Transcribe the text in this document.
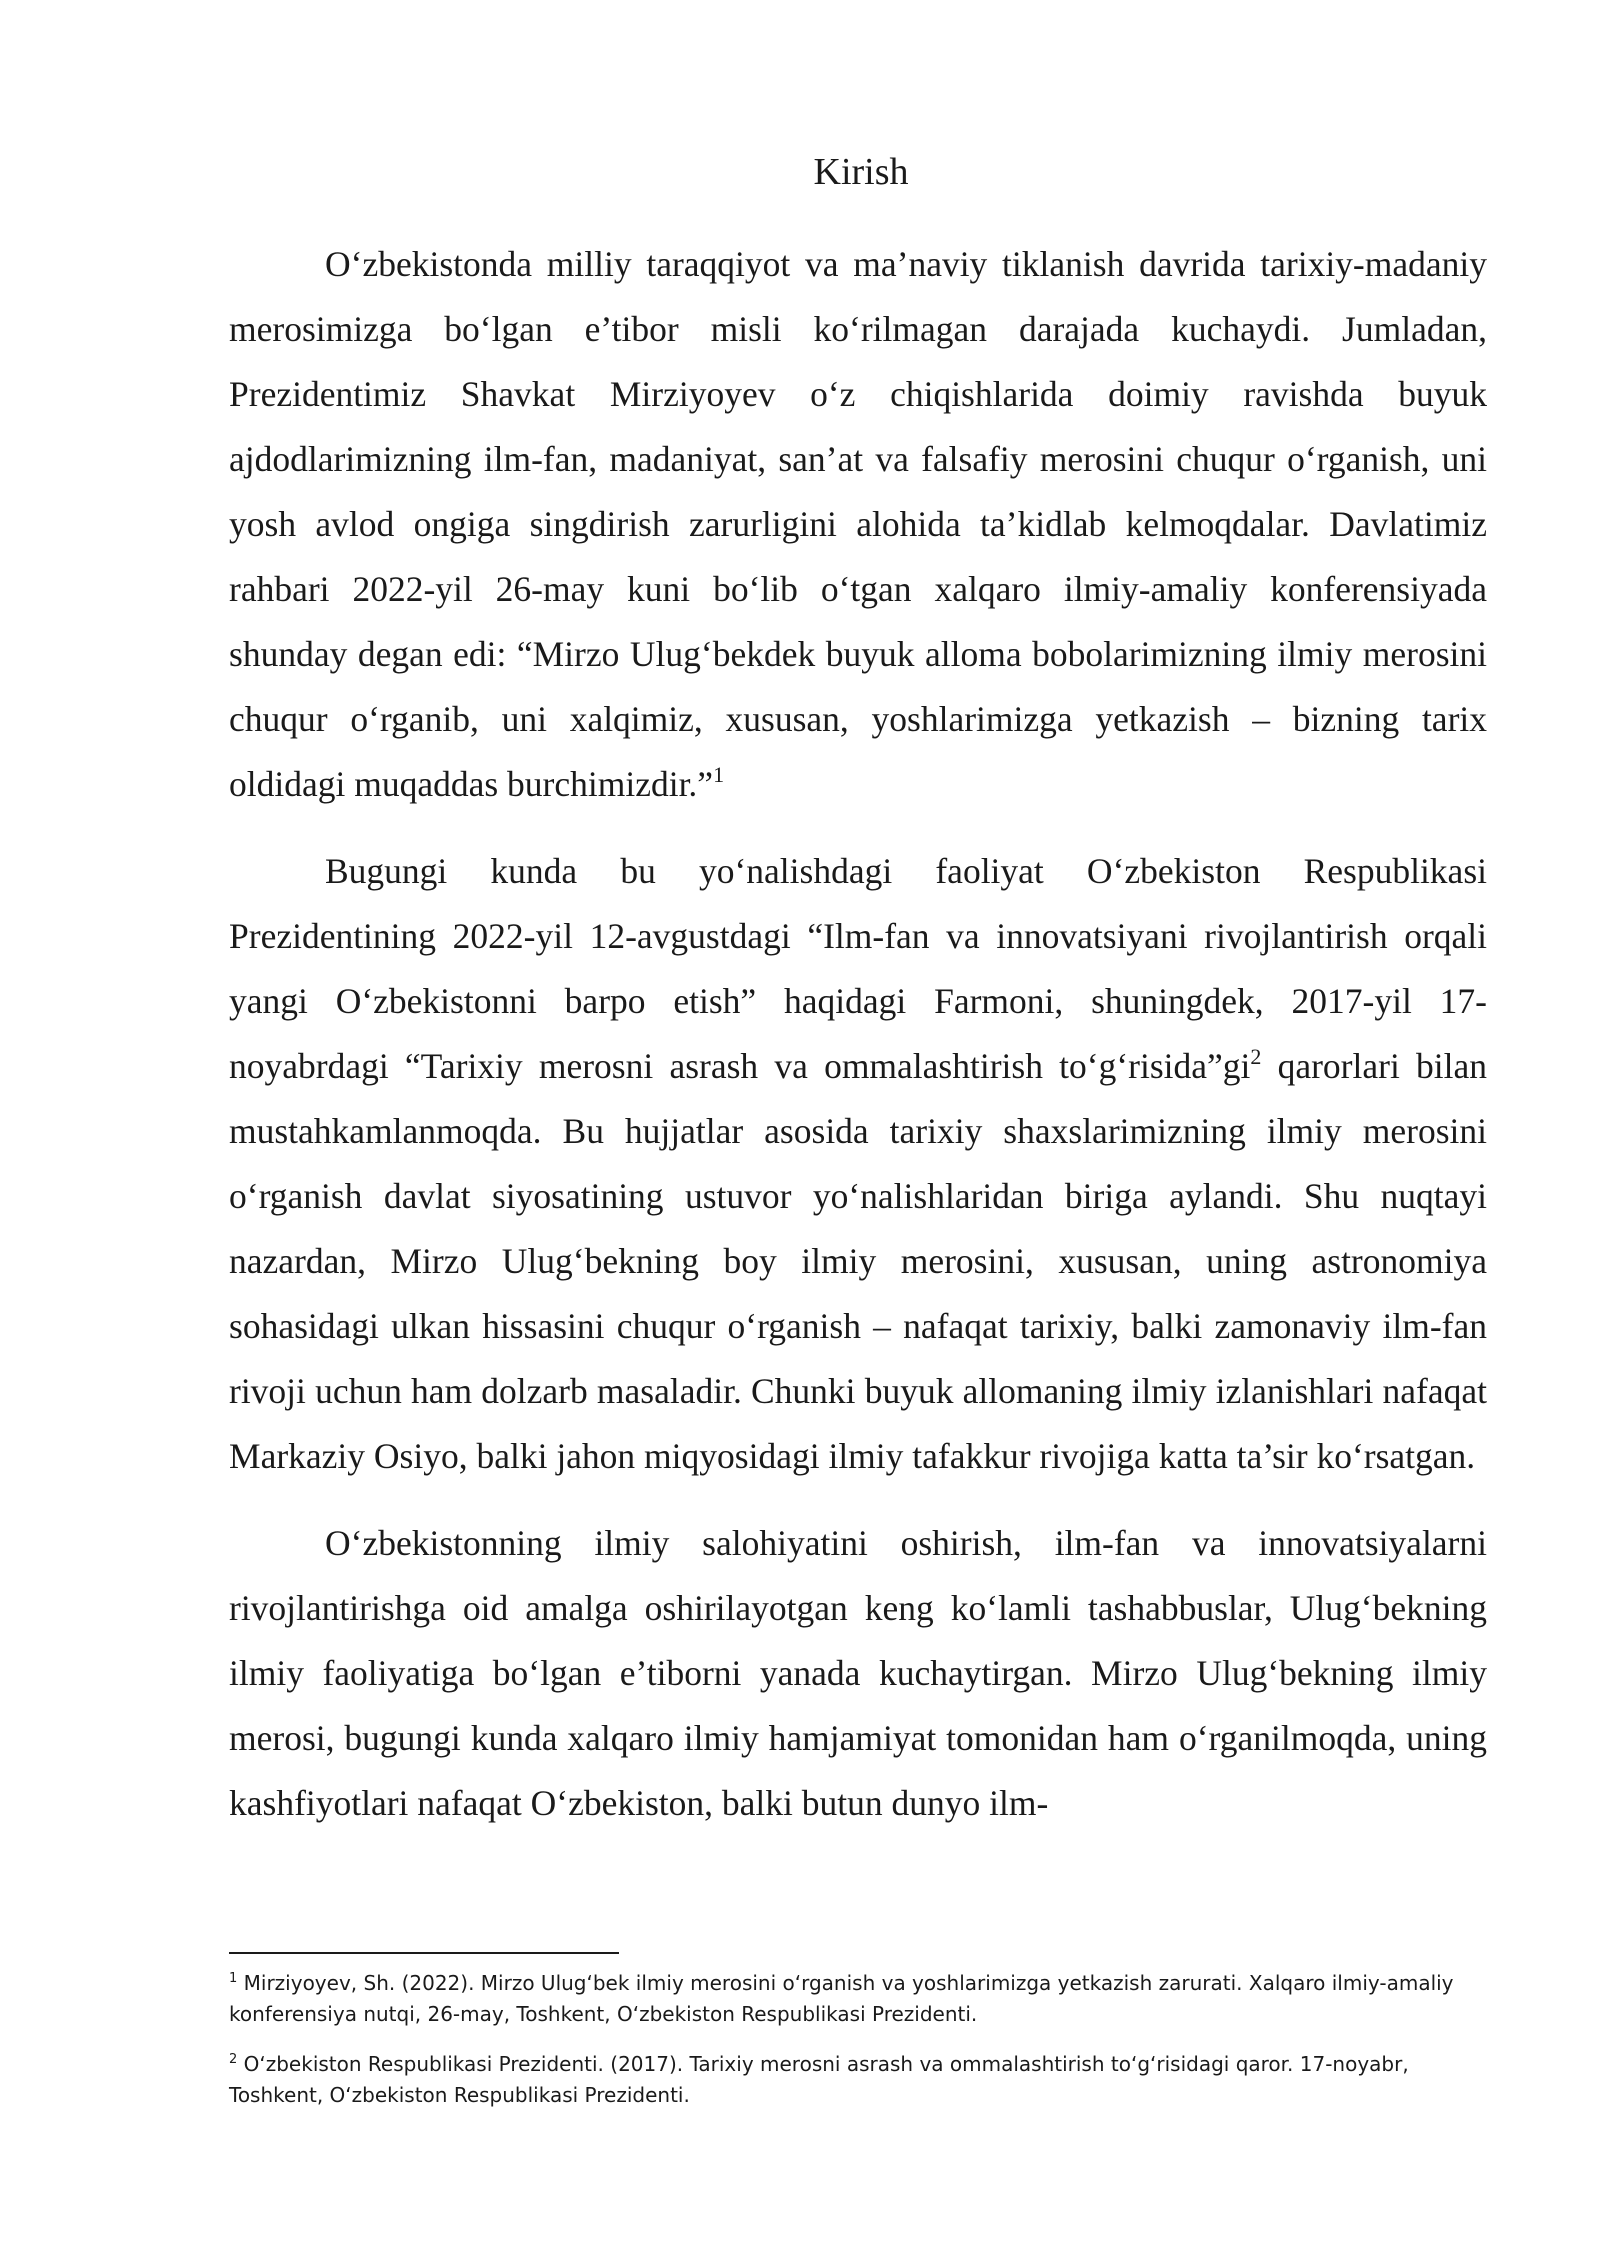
Kirish

O‘zbekistonda milliy taraqqiyot va ma’naviy tiklanish davrida tarixiy-madaniy merosimizga bo‘lgan e’tibor misli ko‘rilmagan darajada kuchaydi. Jumladan, Prezidentimiz Shavkat Mirziyoyev o‘z chiqishlarida doimiy ravishda buyuk ajdodlarimizning ilm-fan, madaniyat, san’at va falsafiy merosini chuqur o‘rganish, uni yosh avlod ongiga singdirish zarurligini alohida ta’kidlab kelmoqdalar. Davlatimiz rahbari 2022-yil 26-may kuni bo‘lib o‘tgan xalqaro ilmiy-amaliy konferensiyada shunday degan edi: “Mirzo Ulug‘bekdek buyuk alloma bobolarimizning ilmiy merosini chuqur o‘rganib, uni xalqimiz, xususan, yoshlarimizga yetkazish – bizning tarix oldidagi muqaddas burchimizdir.”$^1$

Bugungi kunda bu yo‘nalishdagi faoliyat O‘zbekiston Respublikasi Prezidentining 2022-yil 12-avgustdagi “Ilm-fan va innovatsiyani rivojlantirish orqali yangi O‘zbekistonni barpo etish” haqidagi Farmoni, shuningdek, 2017-yil 17-noyabrdagi “Tarixiy merosni asrash va ommalashtirish $to‘g‘risida”gi^2$ qarorlari bilan mustahkamlanmoqda. Bu hujjatlar asosida tarixiy shaxslarimizning ilmiy merosini o‘rganish davlat siyosatining ustuvor yo‘nalishlaridan biriga aylandi. Shu nuqtayi nazardan, Mirzo Ulug‘bekning boy ilmiy merosini, xususan, uning astronomiya sohasidagi ulkan hissasini chuqur o‘rganish – nafaqat tarixiy, balki zamonaviy ilm-fan rivoji uchun ham dolzarb masaladir. Chunki buyuk allomaning ilmiy izlanishlari nafaqat Markaziy Osiyo, balki jahon miqyosidagi ilmiy tafakkur rivojiga katta ta’sir ko‘rsatgan.

O‘zbekistonning ilmiy salohiyatini oshirish, ilm-fan va innovatsiyalarni rivojlantirishga oid amalga oshirilayotgan keng ko‘lamli tashabbuslar, Ulug‘bekning ilmiy faoliyatiga bo‘lgan e’tiborni yanada kuchaytirgan. Mirzo Ulug‘bekning ilmiy merosi, bugungi kunda xalqaro ilmiy hamjamiyat tomonidan ham o‘rganilmoqda, uning kashfiyotlari nafaqat O‘zbekiston, balki butun dunyo ilm-

$^1$ Mirziyoyev, Sh. (2022). Mirzo Ulug‘bek ilmiy merosini o‘rganish va yoshlarimizga yetkazish zarurati. Xalqaro ilmiy-amaliy konferensiya nutqi, 26-may, Toshkent, O‘zbekiston Respublikasi Prezidenti.

$^2$ O‘zbekiston Respublikasi Prezidenti. (2017). Tarixiy merosni asrash va ommalashtirish to‘g‘risidagi qaror. 17-noyabr, Toshkent, O‘zbekiston Respublikasi Prezidenti.
